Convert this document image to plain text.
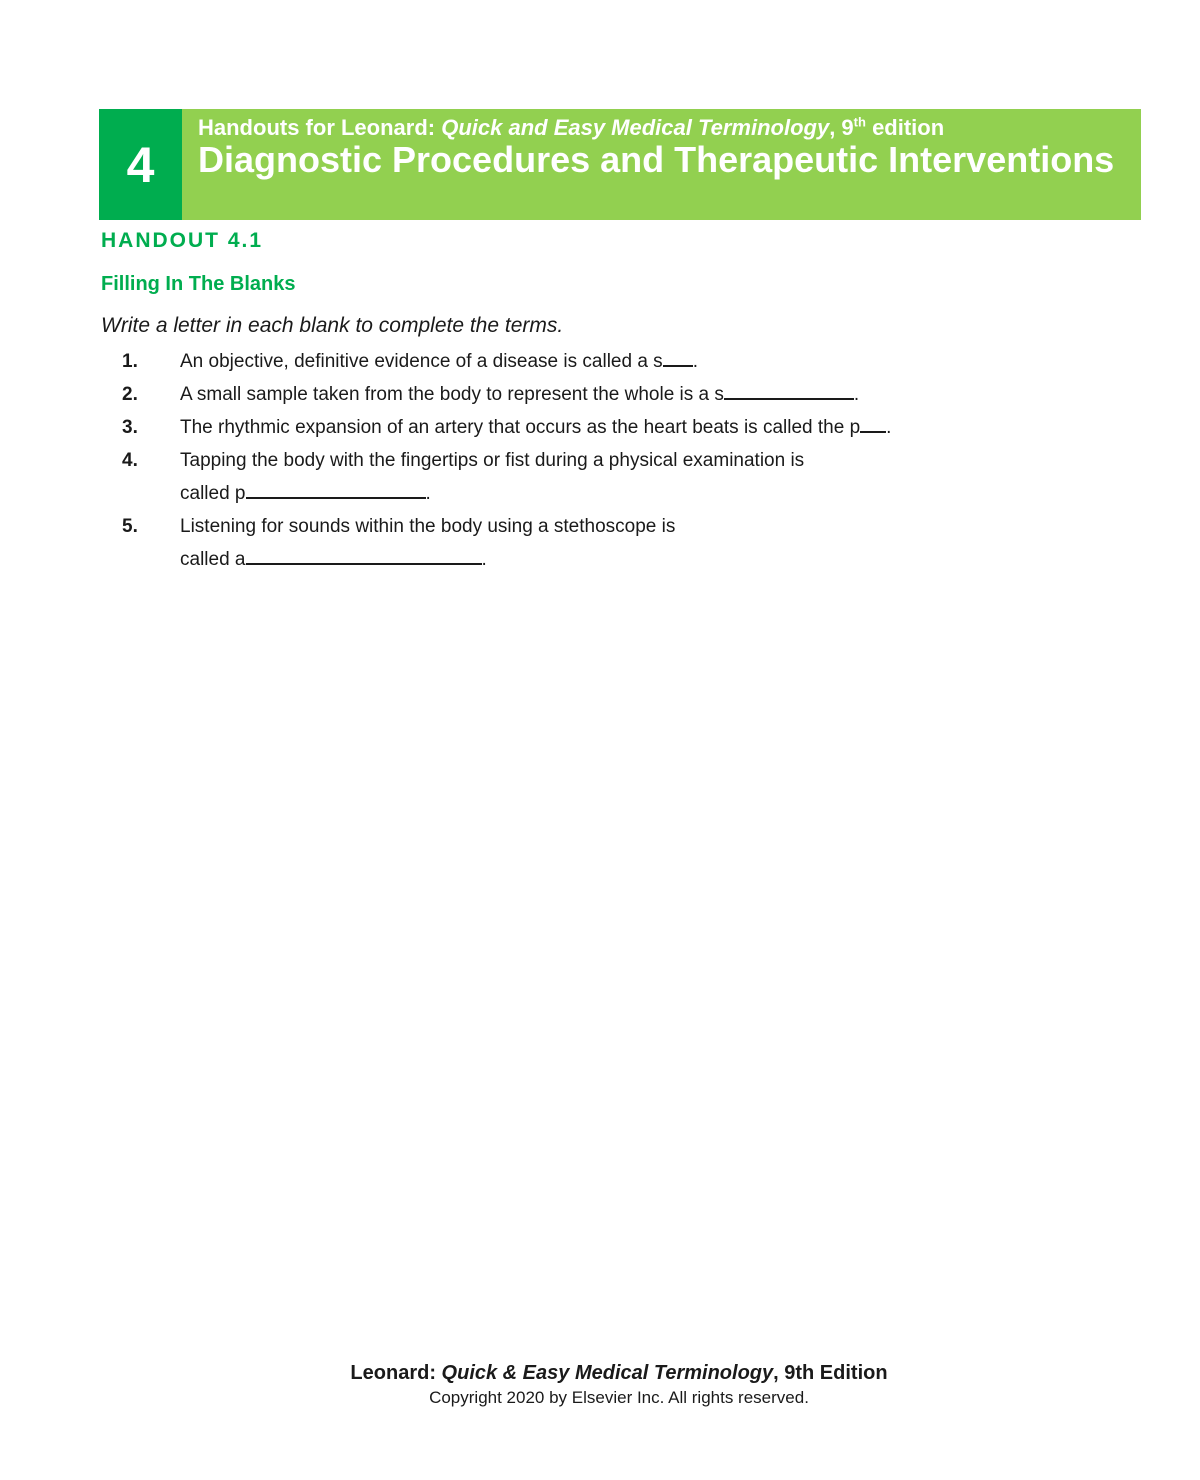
4
Handouts for Leonard: Quick and Easy Medical Terminology, 9th edition
Diagnostic Procedures and Therapeutic Interventions
HANDOUT 4.1
Filling In The Blanks
Write a letter in each blank to complete the terms.
1. An objective, definitive evidence of a disease is called a s .
2. A small sample taken from the body to represent the whole is a s	.
3. The rhythmic expansion of an artery that occurs as the heart beats is called the p .
4. Tapping the body with the fingertips or fist during a physical examination is
called p	.
5. Listening for sounds within the body using a stethoscope is
called a	.
Leonard: Quick & Easy Medical Terminology, 9th Edition
Copyright 2020 by Elsevier Inc. All rights reserved.
